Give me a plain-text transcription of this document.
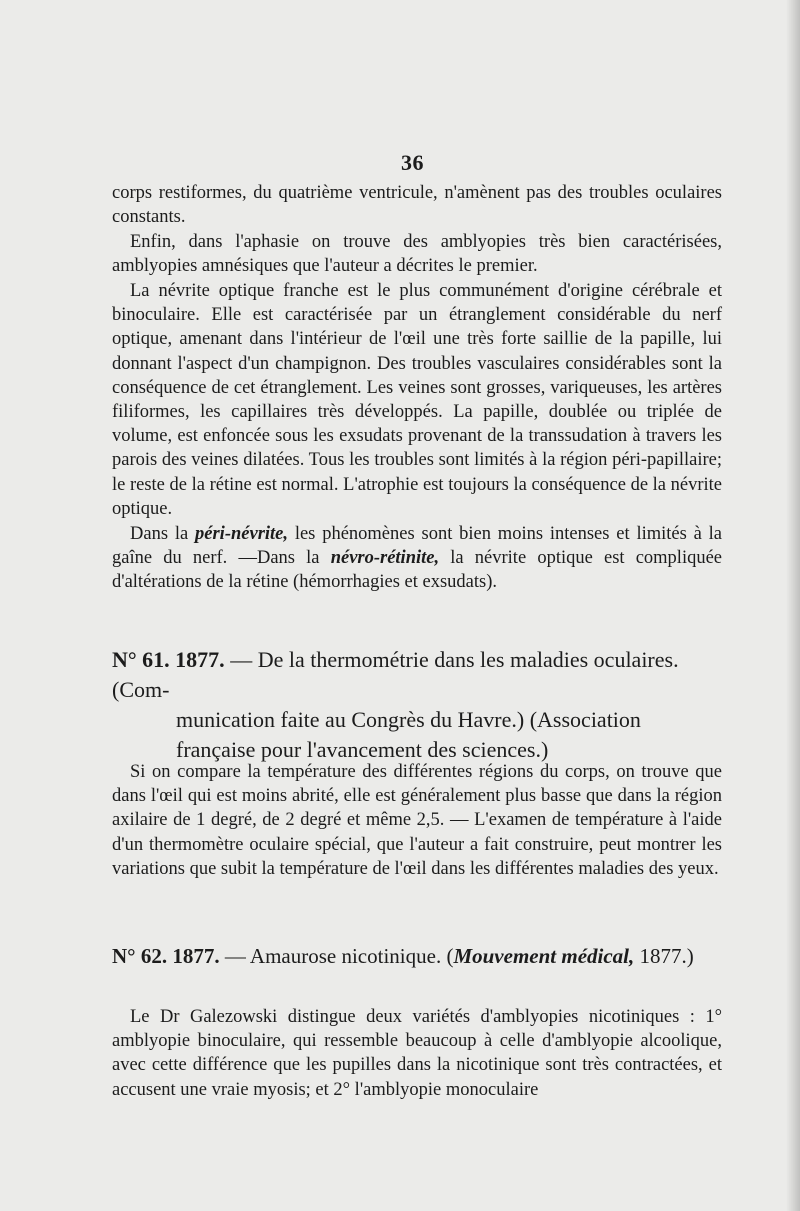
36

corps restiformes, du quatrième ventricule, n'amènent pas des troubles oculaires constants.

Enfin, dans l'aphasie on trouve des amblyopies très bien caractérisées, amblyopies amnésiques que l'auteur a décrites le premier.

La névrite optique franche est le plus communément d'origine cérébrale et binoculaire. Elle est caractérisée par un étranglement considérable du nerf optique, amenant dans l'intérieur de l'œil une très forte saillie de la papille, lui donnant l'aspect d'un champignon. Des troubles vasculaires considérables sont la conséquence de cet étranglement. Les veines sont grosses, variqueuses, les artères filiformes, les capillaires très développés. La papille, doublée ou triplée de volume, est enfoncée sous les exsudats provenant de la transsudation à travers les parois des veines dilatées. Tous les troubles sont limités à la région péri-papillaire; le reste de la rétine est normal. L'atrophie est toujours la conséquence de la névrite optique.

Dans la péri-névrite, les phénomènes sont bien moins intenses et limités à la gaîne du nerf. —Dans la névro-rétinite, la névrite optique est compliquée d'altérations de la rétine (hémorrhagies et exsudats).

N° 61. 1877. — De la thermométrie dans les maladies oculaires. (Com-
munication faite au Congrès du Havre.) (Association française pour l'avancement des sciences.)

Si on compare la température des différentes régions du corps, on trouve que dans l'œil qui est moins abrité, elle est généralement plus basse que dans la région axilaire de 1 degré, de 2 degré et même 2,5. — L'examen de température à l'aide d'un thermomètre oculaire spécial, que l'auteur a fait construire, peut montrer les variations que subit la température de l'œil dans les différentes maladies des yeux.

N° 62. 1877. — Amaurose nicotinique. (Mouvement médical, 1877.)

Le Dr Galezowski distingue deux variétés d'amblyopies nicotiniques : 1° amblyopie binoculaire, qui ressemble beaucoup à celle d'amblyopie alcoolique, avec cette différence que les pupilles dans la nicotinique sont très contractées, et accusent une vraie myosis; et 2° l'amblyopie monoculaire
